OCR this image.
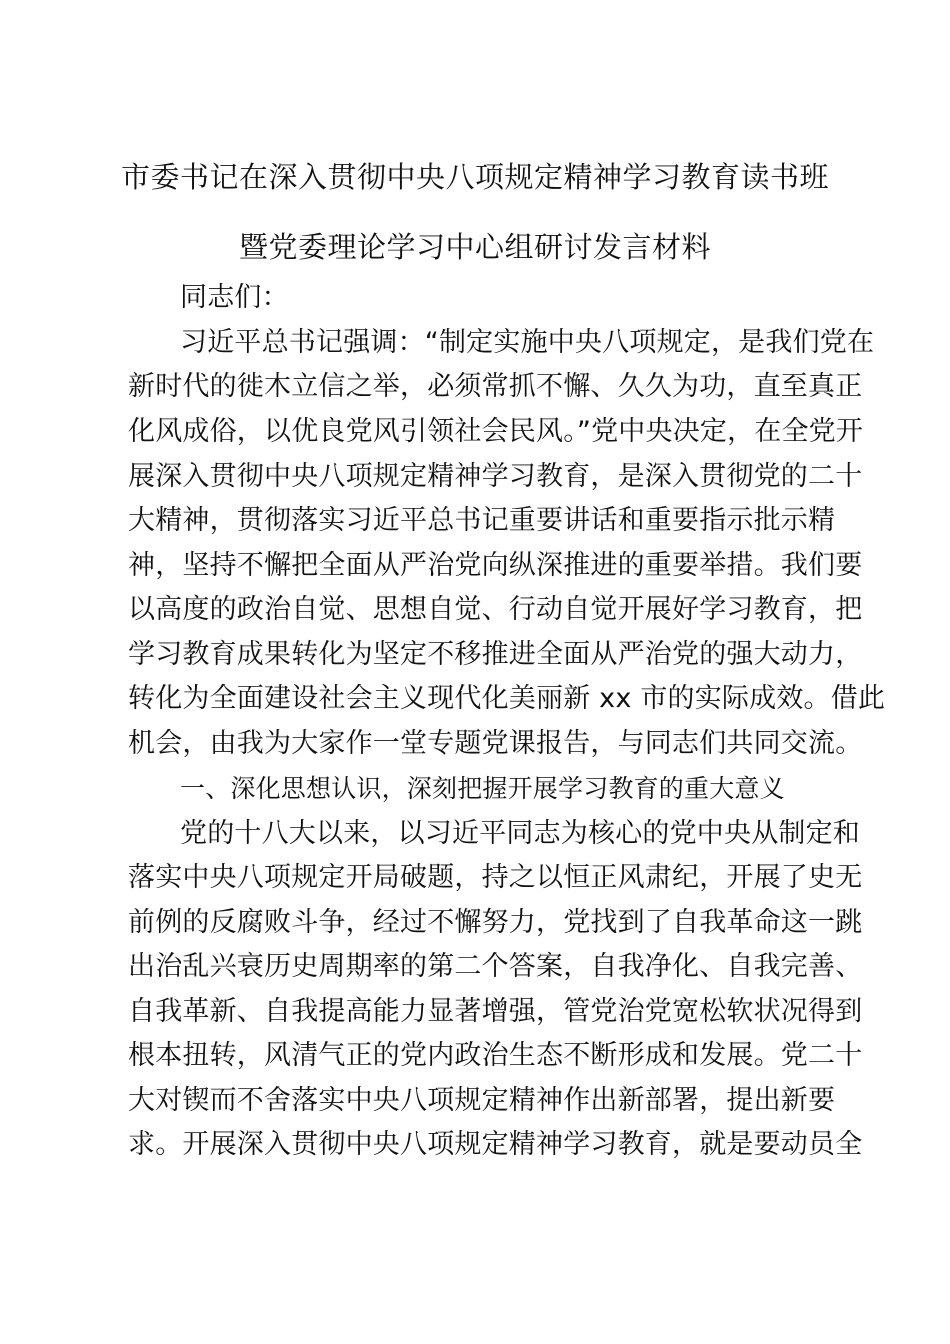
市委书记在深入贯彻中央八项规定精神学习教育读书班
暨党委理论学习中心组研讨发言材料
同志们：
习近平总书记强调：“制定实施中央八项规定，是我们党在
新时代的徙木立信之举，必须常抓不懈、久久为功，直至真正
化风成俗，以优良党风引领社会民风。”党中央决定，在全党开
展深入贯彻中央八项规定精神学习教育，是深入贯彻党的二十
大精神，贯彻落实习近平总书记重要讲话和重要指示批示精
神，坚持不懈把全面从严治党向纵深推进的重要举措。我们要
以高度的政治自觉、思想自觉、行动自觉开展好学习教育，把
学习教育成果转化为坚定不移推进全面从严治党的强大动力，
转化为全面建设社会主义现代化美丽新 xx 市的实际成效。借此
机会，由我为大家作一堂专题党课报告，与同志们共同交流。
一、深化思想认识，深刻把握开展学习教育的重大意义
党的十八大以来，以习近平同志为核心的党中央从制定和
落实中央八项规定开局破题，持之以恒正风肃纪，开展了史无
前例的反腐败斗争，经过不懈努力，党找到了自我革命这一跳
出治乱兴衰历史周期率的第二个答案，自我净化、自我完善、
自我革新、自我提高能力显著增强，管党治党宽松软状况得到
根本扭转，风清气正的党内政治生态不断形成和发展。党二十
大对锲而不舍落实中央八项规定精神作出新部署，提出新要
求。开展深入贯彻中央八项规定精神学习教育，就是要动员全
